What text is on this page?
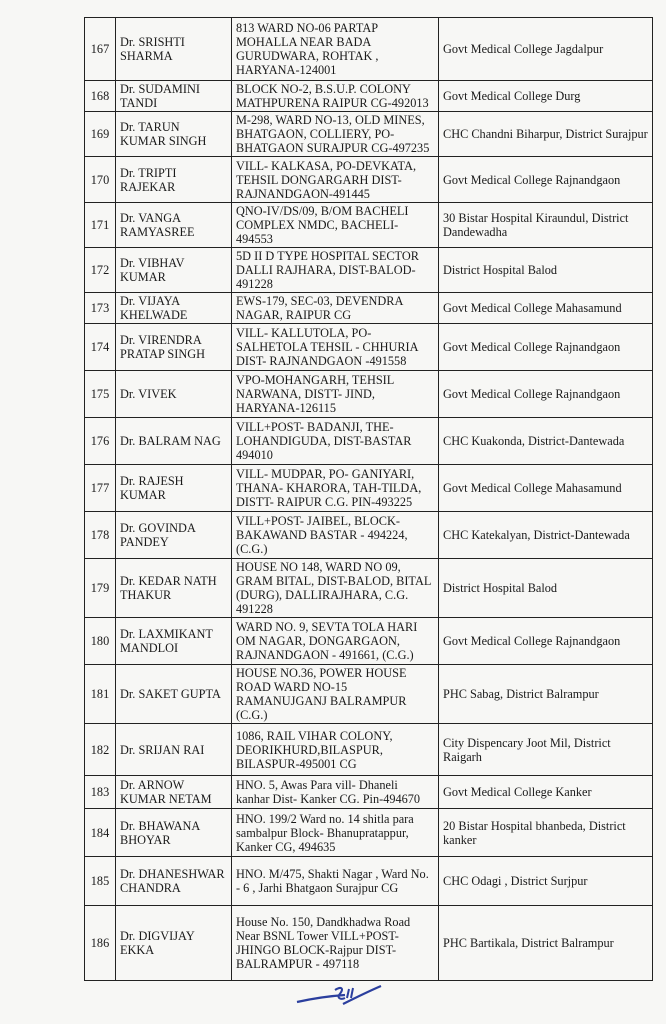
167	Dr. SRISHTI SHARMA	813 WARD NO-06 PARTAP MOHALLA NEAR BADA GURUDWARA, ROHTAK , HARYANA-124001	Govt Medical College Jagdalpur
168	Dr. SUDAMINI TANDI	BLOCK NO-2, B.S.U.P. COLONY MATHPURENA RAIPUR CG-492013	Govt Medical College Durg
169	Dr. TARUN KUMAR SINGH	M-298, WARD NO-13, OLD MINES, BHATGAON, COLLIERY, PO-BHATGAON SURAJPUR CG-497235	CHC Chandni Biharpur, District Surajpur
170	Dr. TRIPTI RAJEKAR	VILL- KALKASA, PO-DEVKATA, TEHSIL DONGARGARH DIST-RAJNANDGAON-491445	Govt Medical College Rajnandgaon
171	Dr. VANGA RAMYASREE	QNO-IV/DS/09, B/OM BACHELI COMPLEX NMDC, BACHELI-494553	30 Bistar Hospital Kiraundul, District Dandewadha
172	Dr. VIBHAV KUMAR	5D II D TYPE HOSPITAL SECTOR DALLI RAJHARA, DIST-BALOD-491228	District Hospital Balod
173	Dr. VIJAYA KHELWADE	EWS-179, SEC-03, DEVENDRA NAGAR, RAIPUR CG	Govt Medical College Mahasamund
174	Dr. VIRENDRA PRATAP SINGH	VILL- KALLUTOLA, PO-SALHETOLA TEHSIL - CHHURIA DIST- RAJNANDGAON -491558	Govt Medical College Rajnandgaon
175	Dr. VIVEK	VPO-MOHANGARH, TEHSIL NARWANA, DISTT- JIND, HARYANA-126115	Govt Medical College Rajnandgaon
176	Dr. BALRAM NAG	VILL+POST- BADANJI, THE-LOHANDIGUDA, DIST-BASTAR 494010	CHC Kuakonda, District-Dantewada
177	Dr. RAJESH KUMAR	VILL- MUDPAR, PO- GANIYARI, THANA- KHARORA, TAH-TILDA, DISTT- RAIPUR C.G. PIN-493225	Govt Medical College Mahasamund
178	Dr. GOVINDA PANDEY	VILL+POST- JAIBEL, BLOCK-BAKAWAND BASTAR - 494224, (C.G.)	CHC Katekalyan, District-Dantewada
179	Dr. KEDAR NATH THAKUR	HOUSE NO 148, WARD NO 09, GRAM BITAL, DIST-BALOD, BITAL (DURG), DALLIRAJHARA, C.G. 491228	District Hospital Balod
180	Dr. LAXMIKANT MANDLOI	WARD NO. 9, SEVTA TOLA HARI OM NAGAR, DONGARGAON, RAJNANDGAON - 491661, (C.G.)	Govt Medical College Rajnandgaon
181	Dr. SAKET GUPTA	HOUSE NO.36, POWER HOUSE ROAD WARD NO-15 RAMANUJGANJ BALRAMPUR (C.G.)	PHC Sabag, District Balrampur
182	Dr. SRIJAN RAI	1086, RAIL VIHAR COLONY, DEORIKHURD,BILASPUR, BILASPUR-495001 CG	City Dispencary Joot Mil, District Raigarh
183	Dr. ARNOW KUMAR NETAM	HNO. 5, Awas Para vill- Dhaneli kanhar Dist- Kanker CG. Pin-494670	Govt Medical College Kanker
184	Dr. BHAWANA BHOYAR	HNO. 199/2 Ward no. 14 shitla para sambalpur Block- Bhanupratappur, Kanker CG, 494635	20 Bistar Hospital bhanbeda, District kanker
185	Dr. DHANESHWAR CHANDRA	HNO. M/475, Shakti Nagar , Ward No. - 6 , Jarhi Bhatgaon Surajpur CG	CHC Odagi , District Surjpur
186	Dr. DIGVIJAY EKKA	House No. 150, Dandkhadwa Road Near BSNL Tower VILL+POST- JHINGO BLOCK-Rajpur DIST- BALRAMPUR - 497118	PHC Bartikala, District Balrampur
